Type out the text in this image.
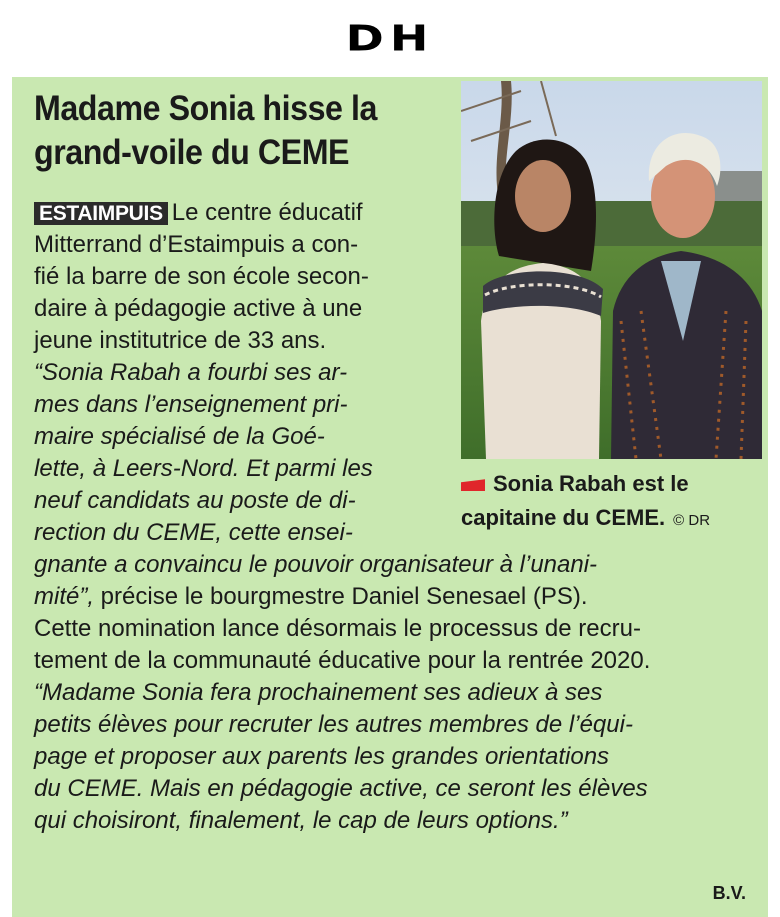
DH
Madame Sonia hisse la grand-voile du CEME
ESTAIMPUIS Le centre éducatif
Mitterrand d’Estaimpuis a con-
fié la barre de son école secon-
daire à pédagogie active à une
jeune institutrice de 33 ans.
“Sonia Rabah a fourbi ses ar-
mes dans l’enseignement pri-
maire spécialisé de la Goé-
lette, à Leers-Nord. Et parmi les
neuf candidats au poste de di-
rection du CEME, cette ensei-
gnante a convaincu le pouvoir organisateur à l’unani-
mité”, précise le bourgmestre Daniel Senesael (PS).
Cette nomination lance désormais le processus de recru-
tement de la communauté éducative pour la rentrée 2020.
“Madame Sonia fera prochainement ses adieux à ses
petits élèves pour recruter les autres membres de l’équi-
page et proposer aux parents les grandes orientations
du CEME. Mais en pédagogie active, ce seront les élèves
qui choisiront, finalement, le cap de leurs options.”
Sonia Rabah est le
capitaine du CEME. © DR
B.V.
